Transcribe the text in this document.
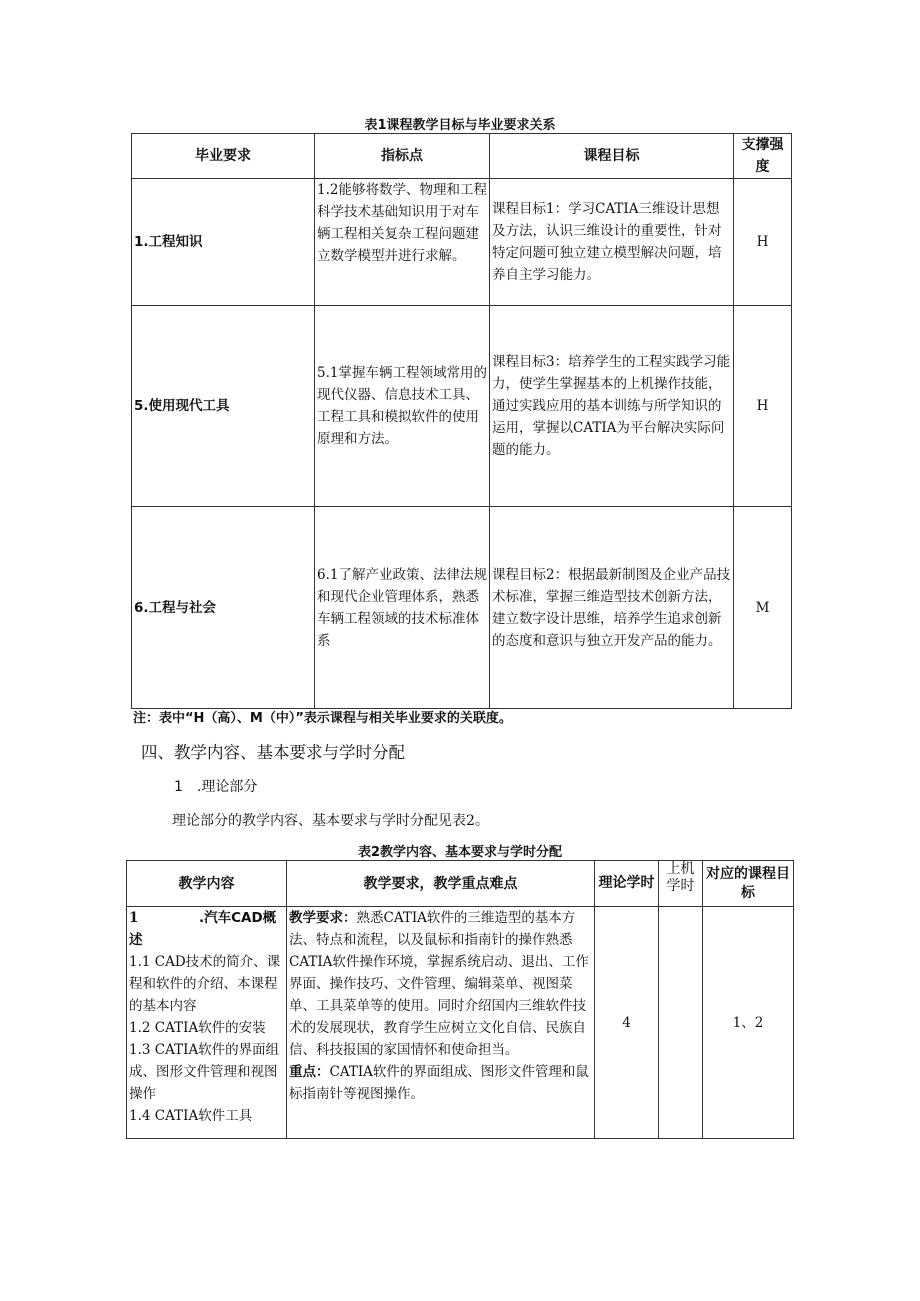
表1课程教学目标与毕业要求关系
毕业要求	指标点	课程目标	支撑强度
1.工程知识	1.2能够将数学、物理和工程科学技术基础知识用于对车辆工程相关复杂工程问题建立数学模型并进行求解。	课程目标1：学习CATIA三维设计思想及方法，认识三维设计的重要性，针对特定问题可独立建立模型解决问题，培养自主学习能力。	H
5.使用现代工具	5.1掌握车辆工程领域常用的现代仪器、信息技术工具、工程工具和模拟软件的使用原理和方法。	课程目标3：培养学生的工程实践学习能力，使学生掌握基本的上机操作技能，通过实践应用的基本训练与所学知识的运用，掌握以CATIA为平台解决实际问题的能力。	H
6.工程与社会	6.1了解产业政策、法律法规和现代企业管理体系，熟悉车辆工程领域的技术标准体系	课程目标2：根据最新制图及企业产品技术标准，掌握三维造型技术创新方法，建立数字设计思维，培养学生追求创新的态度和意识与独立开发产品的能力。	M
注：表中“H（高）、M（中）”表示课程与相关毕业要求的关联度。
四、教学内容、基本要求与学时分配
1　.理论部分
理论部分的教学内容、基本要求与学时分配见表2。
表2教学内容、基本要求与学时分配
教学内容	教学要求，教学重点难点	理论学时	上机学时	对应的课程目标

1 .汽车CAD概述
1.1 CAD技术的简介、课程和软件的介绍、本课程的基本内容
1.2 CATIA软件的安装
1.3 CATIA软件的界面组成、图形文件管理和视图操作
1.4 CATIA软件工具	教学要求：熟悉CATIA软件的三维造型的基本方法、特点和流程，以及鼠标和指南针的操作熟悉CATIA软件操作环境，掌握系统启动、退出、工作界面、操作技巧、文件管理、编辑菜单、视图菜单、工具菜单等的使用。同时介绍国内三维软件技术的发展现状，教育学生应树立文化自信、民族自信、科技报国的家国情怀和使命担当。
重点：CATIA软件的界面组成、图形文件管理和鼠标指南针等视图操作。	4		1、2
